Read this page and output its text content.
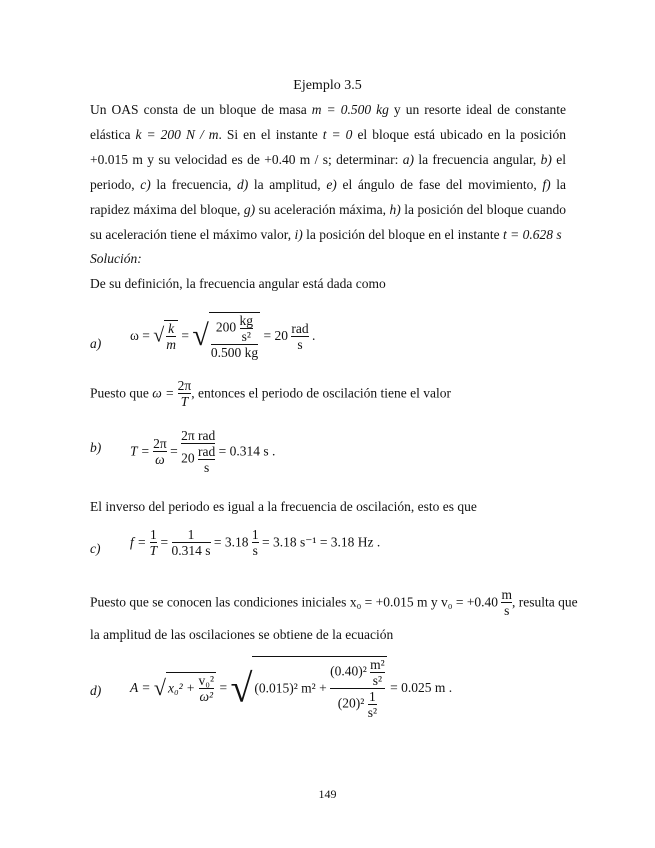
Ejemplo 3.5
Un OAS consta de un bloque de masa m = 0.500 kg y un resorte ideal de constante elástica k = 200 N / m. Si en el instante t = 0 el bloque está ubicado en la posición +0.015 m y su velocidad es de +0.40 m / s; determinar: a) la frecuencia angular, b) el periodo, c) la frecuencia, d) la amplitud, e) el ángulo de fase del movimiento, f) la rapidez máxima del bloque, g) su aceleración máxima, h) la posición del bloque cuando su aceleración tiene el máximo valor, i) la posición del bloque en el instante t = 0.628 s
Solución:
De su definición, la frecuencia angular está dada como
a)
ω = √ $\frac{k}{m}$ = √ $\frac{200 \frac{kg}{\text{s²}}}{0.500 kg} = 20 \frac{\text{rad}}{s}$ .
Puesto que $\omega = \frac{2\pi}{T}$ , entonces el periodo de oscilación tiene el valor
b) $T = \frac{2\pi}{\omega} = \frac{\text{2π rad}}{20 \frac{\text{rad}}{s}} = 0.314$ s .
El inverso del periodo es igual a la frecuencia de oscilación, esto es que
c) $f = \frac{1}{T} = \frac{1}{0.314 s} = 3.18 \frac{1}{s} = 3.18$ s⁻¹ = 3.18 Hz .
Puesto que se conocen las condiciones iniciales x₀ = +0.015 m y $v_0 = +0.40 \frac{m}{s}$ , resulta que
la amplitud de las oscilaciones se obtiene de la ecuación
d) A = √ $x_0^2 + \frac{\text{v₀²}}{\text{ω²}}$ = √ (0.015)² $m^2 + \frac{(0.40)^2 \frac{\text{m²}}{\text{s²}}}{(20)^2 \frac{1}{\text{s²}}} = 0.025$ m .
149
